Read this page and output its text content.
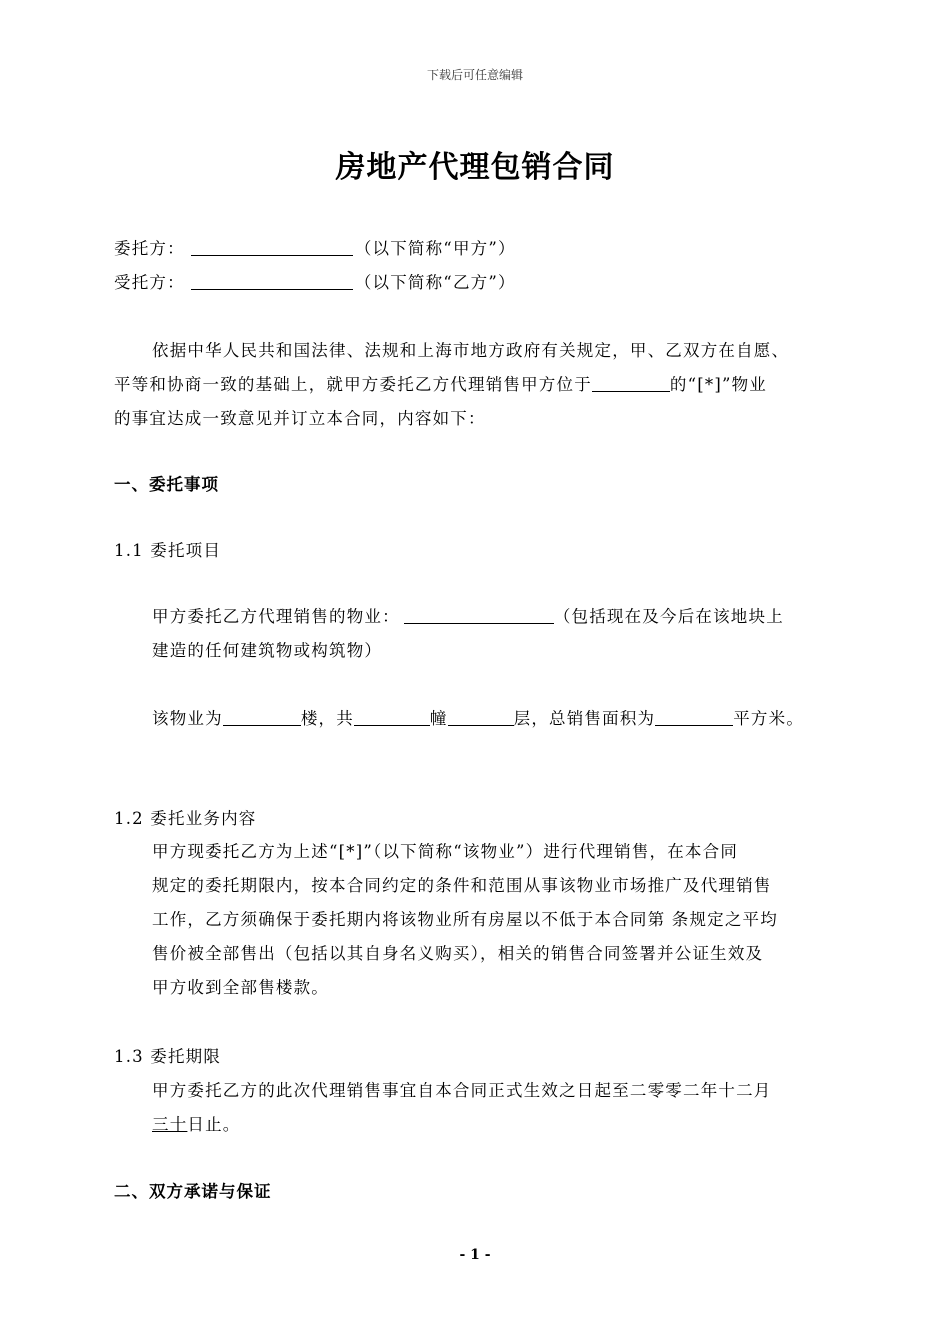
下载后可任意编辑
房地产代理包销合同
委托方：	（以下简称“甲方”）
受托方：	（以下简称“乙方”）
依据中华人民共和国法律、法规和上海市地方政府有关规定，甲、乙双方在自愿、
平等和协商一致的基础上，就甲方委托乙方代理销售甲方位于	的“[*]”物业
的事宜达成一致意见并订立本合同，内容如下：
一、委托事项
1.1 委托项目
甲方委托乙方代理销售的物业：	（包括现在及今后在该地块上
建造的任何建筑物或构筑物）
该物业为	楼，共	幢	层，总销售面积为	平方米。
1.2 委托业务内容
甲方现委托乙方为上述“[*]”（以下简称“该物业”）进行代理销售，在本合同
规定的委托期限内，按本合同约定的条件和范围从事该物业市场推广及代理销售
工作，乙方须确保于委托期内将该物业所有房屋以不低于本合同第 条规定之平均
售价被全部售出（包括以其自身名义购买），相关的销售合同签署并公证生效及
甲方收到全部售楼款。
1.3 委托期限
甲方委托乙方的此次代理销售事宜自本合同正式生效之日起至二零零二年十二月
三十日止。
二、双方承诺与保证
- 1 -
